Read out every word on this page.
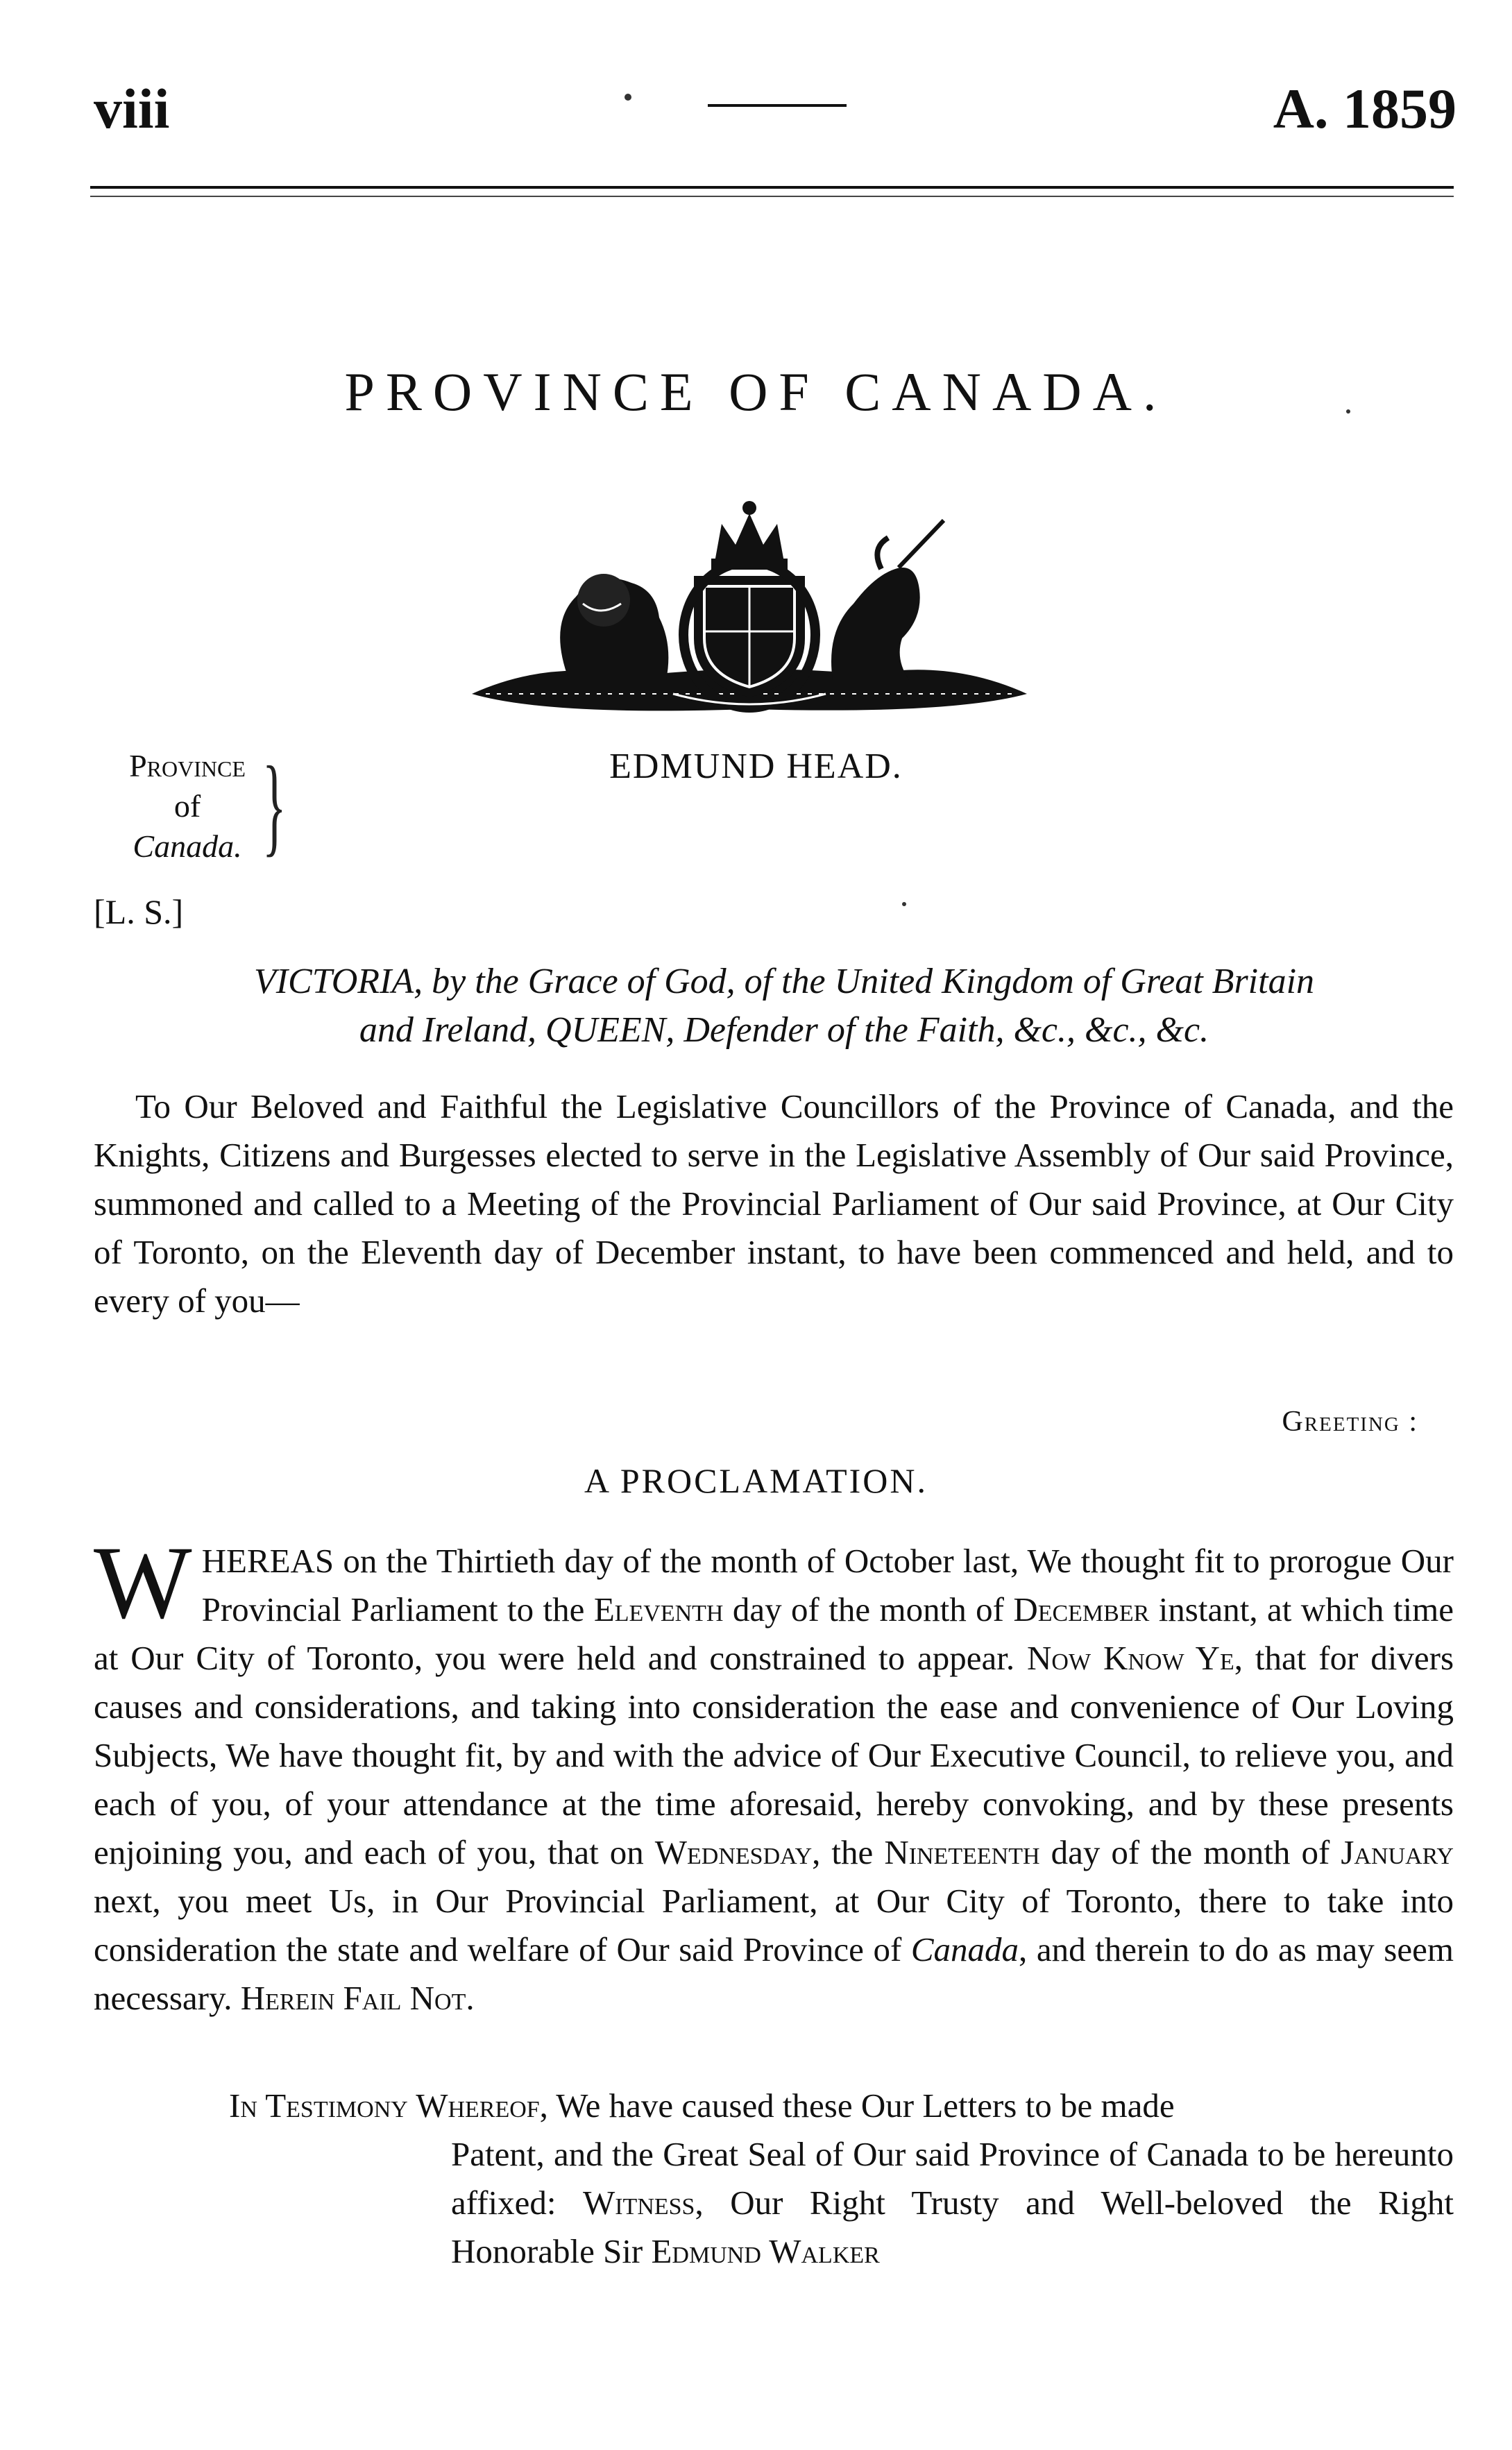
viii	A. 1859
PROVINCE OF CANADA.
Province
of
Canada. }	EDMUND HEAD.
[L. S.]
VICTORIA, by the Grace of God, of the United Kingdom of Great Britain
and Ireland, QUEEN, Defender of the Faith, &c., &c., &c.
To Our Beloved and Faithful the Legislative Councillors of the Province of Canada, and the Knights, Citizens and Burgesses elected to serve in the Legislative Assembly of Our said Province, summoned and called to a Meeting of the Provincial Parliament of Our said Province, at Our City of Toronto, on the Eleventh day of December instant, to have been commenced and held, and to every of you—
Greeting :
A PROCLAMATION.
WHEREAS on the Thirtieth day of the month of October last, We thought fit to prorogue Our Provincial Parliament to the Eleventh day of the month of December instant, at which time at Our City of Toronto, you were held and constrained to appear. Now Know Ye, that for divers causes and considerations, and taking into consideration the ease and convenience of Our Loving Subjects, We have thought fit, by and with the advice of Our Executive Council, to relieve you, and each of you, of your attendance at the time aforesaid, hereby convoking, and by these presents enjoining you, and each of you, that on Wednesday, the Nineteenth day of the month of January next, you meet Us, in Our Provincial Parliament, at Our City of Toronto, there to take into consideration the state and welfare of Our said Province of Canada, and therein to do as may seem necessary. Herein Fail Not.

In Testimony Whereof, We have caused these Our Letters to be made

Patent, and the Great Seal of Our said Province of Canada to be hereunto affixed: Witness, Our Right Trusty and Well-beloved the Right Honorable Sir Edmund Walker
